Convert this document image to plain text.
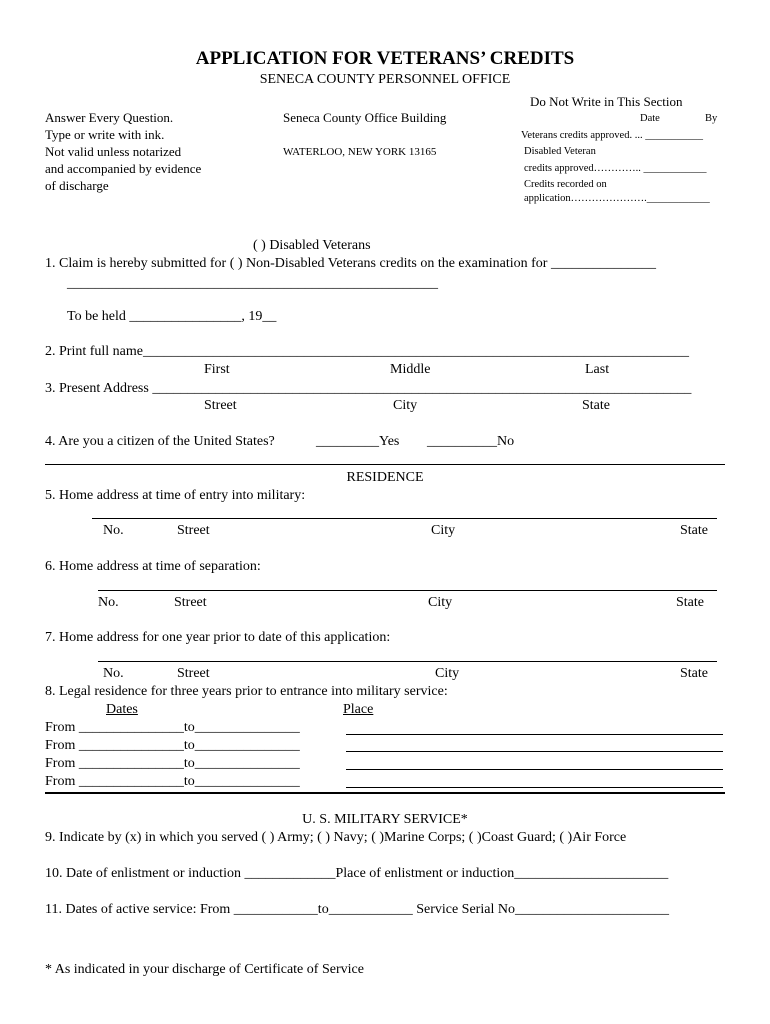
APPLICATION FOR VETERANS’ CREDITS
SENECA COUNTY PERSONNEL OFFICE
Answer Every Question.
Type or write with ink.
Not valid unless notarized
and accompanied by evidence
of discharge
Seneca County Office Building
WATERLOO, NEW YORK 13165
Do Not Write in This Section
Date	By
Veterans credits approved. ... ___________
Disabled Veteran
credits approved………….. ____________
Credits recorded on
application………………….____________
( ) Disabled Veterans
1. Claim is hereby submitted for ( ) Non-Disabled Veterans credits on the examination for _______________
_____________________________________________________
To be held ________________, 19__
2. Print full name______________________________________________________________________________
First	Middle	Last
3. Present Address _____________________________________________________________________________
Street	City	State
4. Are you a citizen of the United States?	_________Yes __________No
RESIDENCE
5. Home address at time of entry into military:
No.	Street	City	State
6. Home address at time of separation:
No.	Street	City	State
7. Home address for one year prior to date of this application:
No.	Street	City	State
8. Legal residence for three years prior to entrance into military service:
Dates	Place
From _______________to_______________
From _______________to_______________
From _______________to_______________
From _______________to_______________
U. S. MILITARY SERVICE*
9. Indicate by (x) in which you served ( ) Army; ( ) Navy; ( )Marine Corps; ( )Coast Guard; ( )Air Force
10. Date of enlistment or induction _____________Place of enlistment or induction______________________
11. Dates of active service: From ____________to____________ Service Serial No______________________
* As indicated in your discharge of Certificate of Service
